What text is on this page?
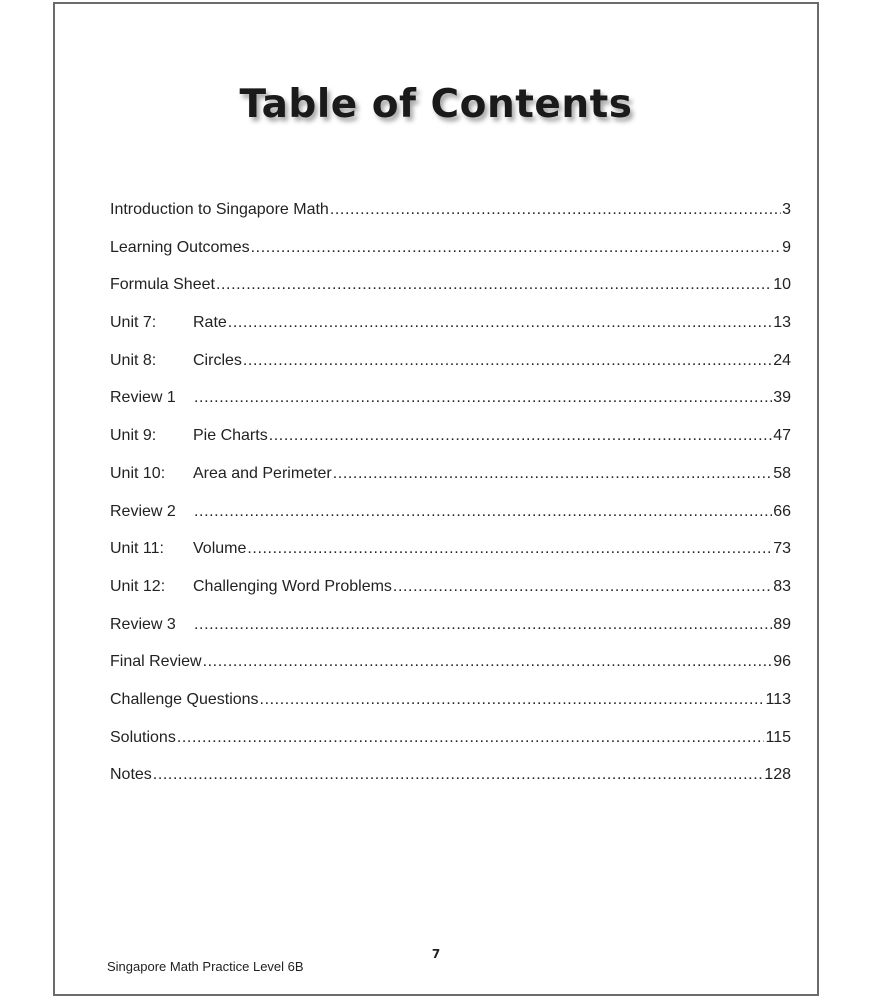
Table of Contents
Introduction to Singapore Math .....	3
Learning Outcomes .....	9
Formula Sheet .....	10
Unit 7:	Rate .....	13
Unit 8:	Circles .....	24
Review 1 .....	39
Unit 9:	Pie Charts .....	47
Unit 10:	Area and Perimeter .....	58
Review 2 .....	66
Unit 11:	Volume .....	73
Unit 12:	Challenging Word Problems .....	83
Review 3 .....	89
Final Review .....	96
Challenge Questions .....	113
Solutions .....	115
Notes .....	128
7
Singapore Math Practice Level 6B
